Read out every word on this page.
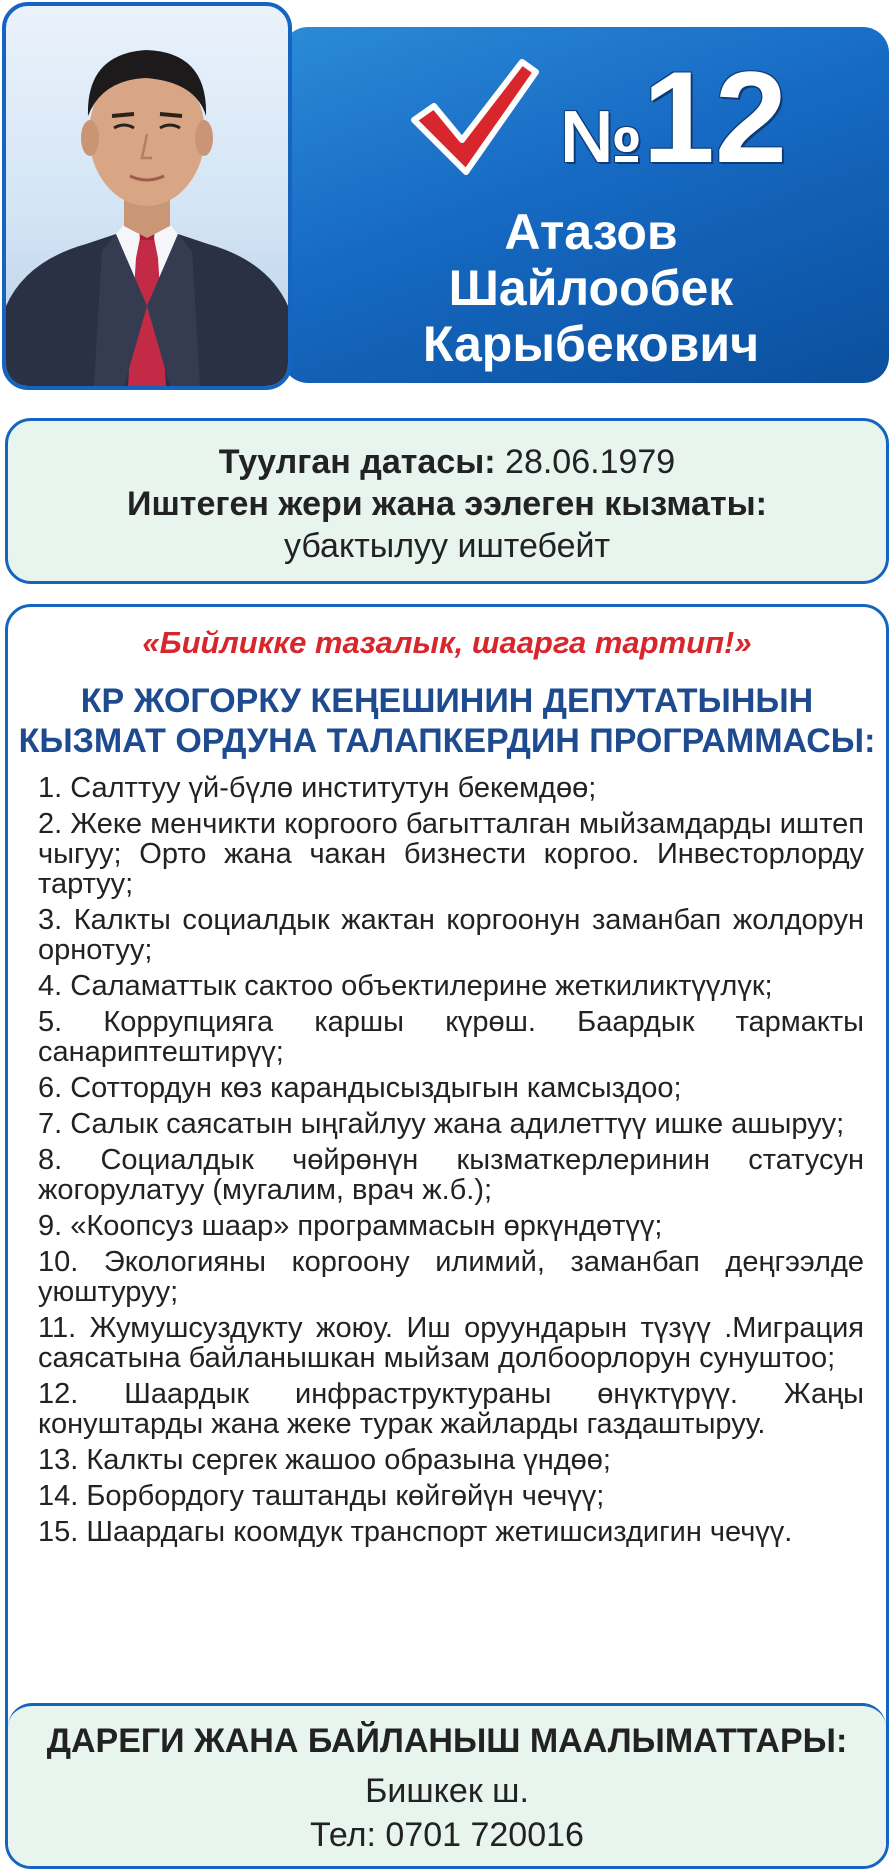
№12
Атазов
Шайлообек
Карыбекович
Туулган датасы: 28.06.1979
Иштеген жери жана ээлеген кызматы:
убактылуу иштебейт
«Бийликке тазалык, шаарга тартип!»
КР ЖОГОРКУ КЕҢЕШИНИН ДЕПУТАТЫНЫН
КЫЗМАТ ОРДУНА ТАЛАПКЕРДИН ПРОГРАММАСЫ:
1. Салттуу үй-бүлө институтун бекемдөө;
2. Жеке менчикти коргоого багытталган мыйзамдарды иштеп чыгуу; Орто жана чакан бизнести коргоо. Инвесторлорду тартуу;
3. Калкты социалдык жактан коргоонун заманбап жолдорун орнотуу;
4. Саламаттык сактоо объектилерине жеткиликтүүлүк;
5. Коррупцияга каршы күрөш. Баардык тармакты санариптештирүү;
6. Соттордун көз карандысыздыгын камсыздоо;
7. Салык саясатын ыңгайлуу жана адилеттүү ишке ашыруу;
8. Социалдык чөйрөнүн кызматкерлеринин статусун жогорулатуу (мугалим, врач ж.б.);
9. «Коопсуз шаар» программасын өркүндөтүү;
10. Экологияны коргоону илимий, заманбап деңгээлде уюштуруу;
11. Жумушсуздукту жоюу. Иш оруундарын түзүү .Миграция саясатына байланышкан мыйзам долбоорлорун сунуштоо;
12. Шаардык инфраструктураны өнүктүрүү. Жаңы конуштарды жана жеке турак жайларды газдаштыруу.
13. Калкты сергек жашоо образына үндөө;
14. Борбордогу таштанды көйгөйүн чечүү;
15. Шаардагы коомдук транспорт жетишсиздигин чечүү.
ДАРЕГИ ЖАНА БАЙЛАНЫШ МААЛЫМАТТАРЫ:
Бишкек ш.
Тел: 0701 720016
